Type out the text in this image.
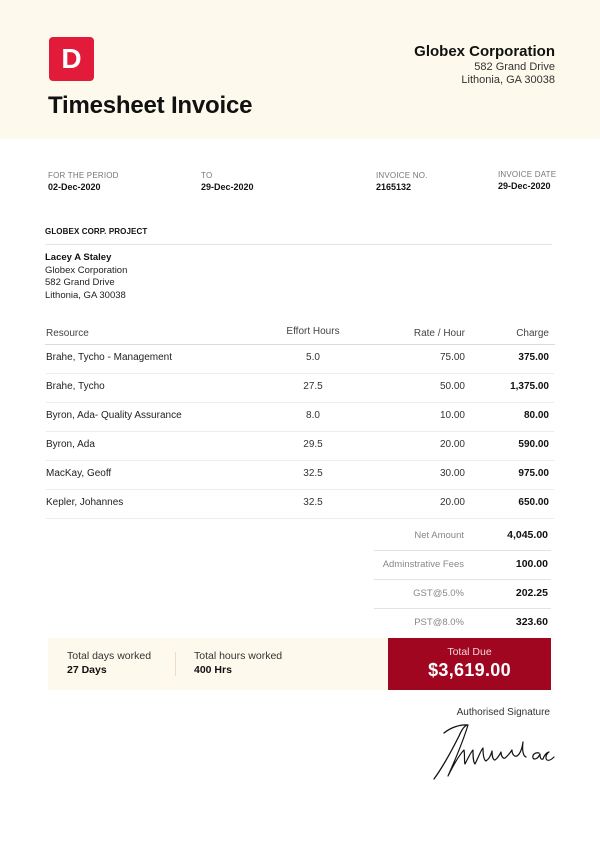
D
Timesheet Invoice
Globex Corporation
582 Grand Drive
Lithonia, GA 30038
FOR THE PERIOD
02-Dec-2020
TO
29-Dec-2020
INVOICE NO.
2165132
INVOICE DATE
29-Dec-2020
GLOBEX CORP. PROJECT
Lacey A Staley
Globex Corporation
582 Grand Drive
Lithonia, GA 30038
Resource	Effort Hours	Rate / Hour	Charge
Brahe, Tycho - Management	5.0	75.00	375.00
Brahe, Tycho	27.5	50.00	1,375.00
Byron, Ada- Quality Assurance	8.0	10.00	80.00
Byron, Ada	29.5	20.00	590.00
MacKay, Geoff	32.5	30.00	975.00
Kepler, Johannes	32.5	20.00	650.00
Net Amount	4,045.00
Adminstrative Fees	100.00
GST@5.0%	202.25
PST@8.0%	323.60
Total days worked
27 Days
Total hours worked
400 Hrs
Total Due
$3,619.00
Authorised Signature
